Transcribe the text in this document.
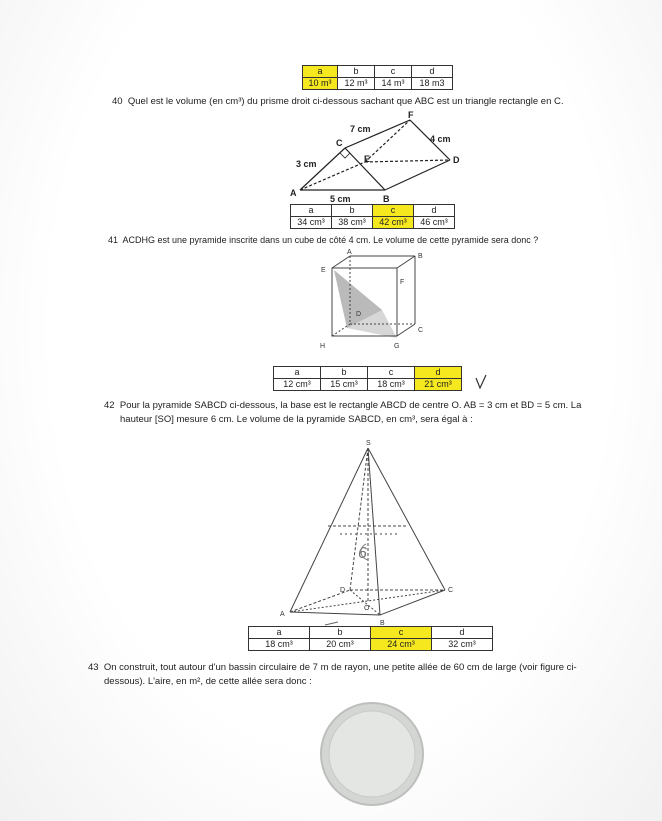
a	b	c	d
10 m³	12 m³	14 m³	18 m3
40 Quel est le volume (en cm³) du prisme droit ci-dessous sachant que ABC est un triangle rectangle en C.
A
B
C
D
E
F
3 cm
7 cm
4 cm
5 cm
a	b	c	d
34 cm³	38 cm³	42 cm³	46 cm³
41 ACDHG est une pyramide inscrite dans un cube de côté 4 cm. Le volume de cette pyramide sera donc ?
A
B
C
D
E
F
G
H
a	b	c	d
12 cm³	15 cm³	18 cm³	21 cm³
42 Pour la pyramide SABCD ci-dessous, la base est le rectangle ABCD de centre O. AB = 3 cm et BD = 5 cm. La
hauteur [SO] mesure 6 cm. Le volume de la pyramide SABCD, en cm³, sera égal à :
S
A
B
C
D
O
6
a	b	c	d
18 cm³	20 cm³	24 cm³	32 cm³
43 On construit, tout autour d'un bassin circulaire de 7 m de rayon, une petite allée de 60 cm de large (voir figure ci-
dessous). L'aire, en m², de cette allée sera donc :
